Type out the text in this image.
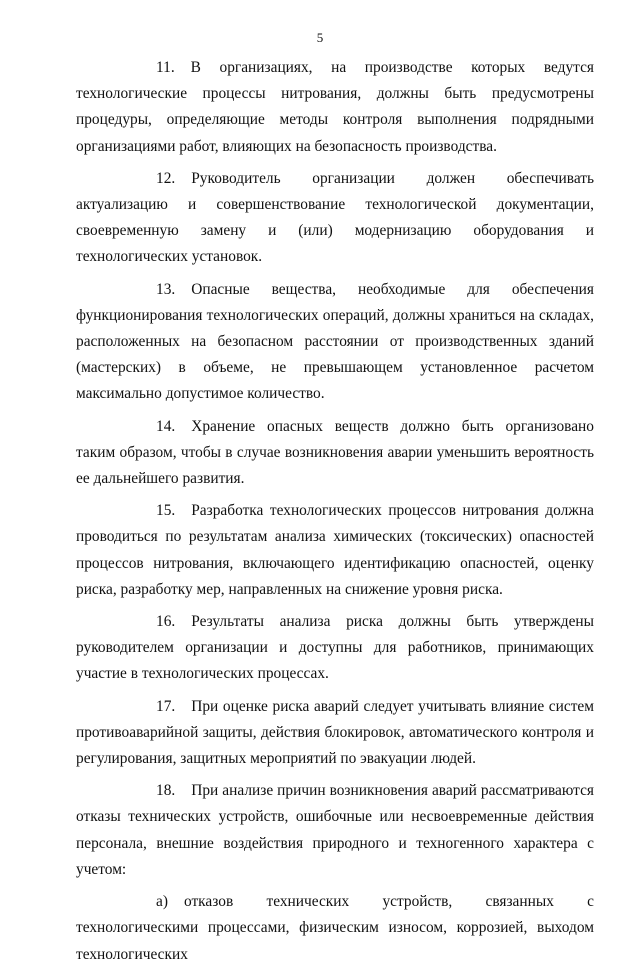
5

11. В организациях, на производстве которых ведутся технологические процессы нитрования, должны быть предусмотрены процедуры, определяющие методы контроля выполнения подрядными организациями работ, влияющих на безопасность производства.

12. Руководитель организации должен обеспечивать актуализацию и совершенствование технологической документации, своевременную замену и (или) модернизацию оборудования и технологических установок.

13. Опасные вещества, необходимые для обеспечения функционирования технологических операций, должны храниться на складах, расположенных на безопасном расстоянии от производственных зданий (мастерских) в объеме, не превышающем установленное расчетом максимально допустимое количество.

14. Хранение опасных веществ должно быть организовано таким образом, чтобы в случае возникновения аварии уменьшить вероятность ее дальнейшего развития.

15. Разработка технологических процессов нитрования должна проводиться по результатам анализа химических (токсических) опасностей процессов нитрования, включающего идентификацию опасностей, оценку риска, разработку мер, направленных на снижение уровня риска.

16. Результаты анализа риска должны быть утверждены руководителем организации и доступны для работников, принимающих участие в технологических процессах.

17. При оценке риска аварий следует учитывать влияние систем противоаварийной защиты, действия блокировок, автоматического контроля и регулирования, защитных мероприятий по эвакуации людей.

18. При анализе причин возникновения аварий рассматриваются отказы технических устройств, ошибочные или несвоевременные действия персонала, внешние воздействия природного и техногенного характера с учетом:

а) отказов технических устройств, связанных с технологическими процессами, физическим износом, коррозией, выходом технологических
